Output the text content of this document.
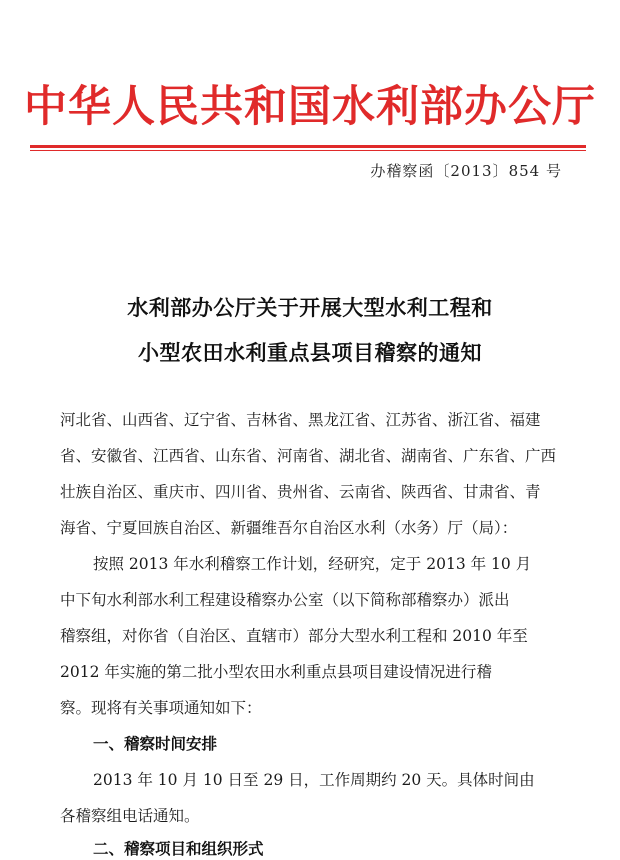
中华人民共和国水利部办公厅
办稽察函〔2013〕854 号
水利部办公厅关于开展大型水利工程和
小型农田水利重点县项目稽察的通知
河北省、山西省、辽宁省、吉林省、黑龙江省、江苏省、浙江省、福建
省、安徽省、江西省、山东省、河南省、湖北省、湖南省、广东省、广西
壮族自治区、重庆市、四川省、贵州省、云南省、陕西省、甘肃省、青
海省、宁夏回族自治区、新疆维吾尔自治区水利（水务）厅（局）：
按照 2013 年水利稽察工作计划，经研究，定于 2013 年 10 月
中下旬水利部水利工程建设稽察办公室（以下简称部稽察办）派出
稽察组，对你省（自治区、直辖市）部分大型水利工程和 2010 年至
2012 年实施的第二批小型农田水利重点县项目建设情况进行稽
察。现将有关事项通知如下：
一、稽察时间安排
2013 年 10 月 10 日至 29 日，工作周期约 20 天。具体时间由
各稽察组电话通知。
二、稽察项目和组织形式
